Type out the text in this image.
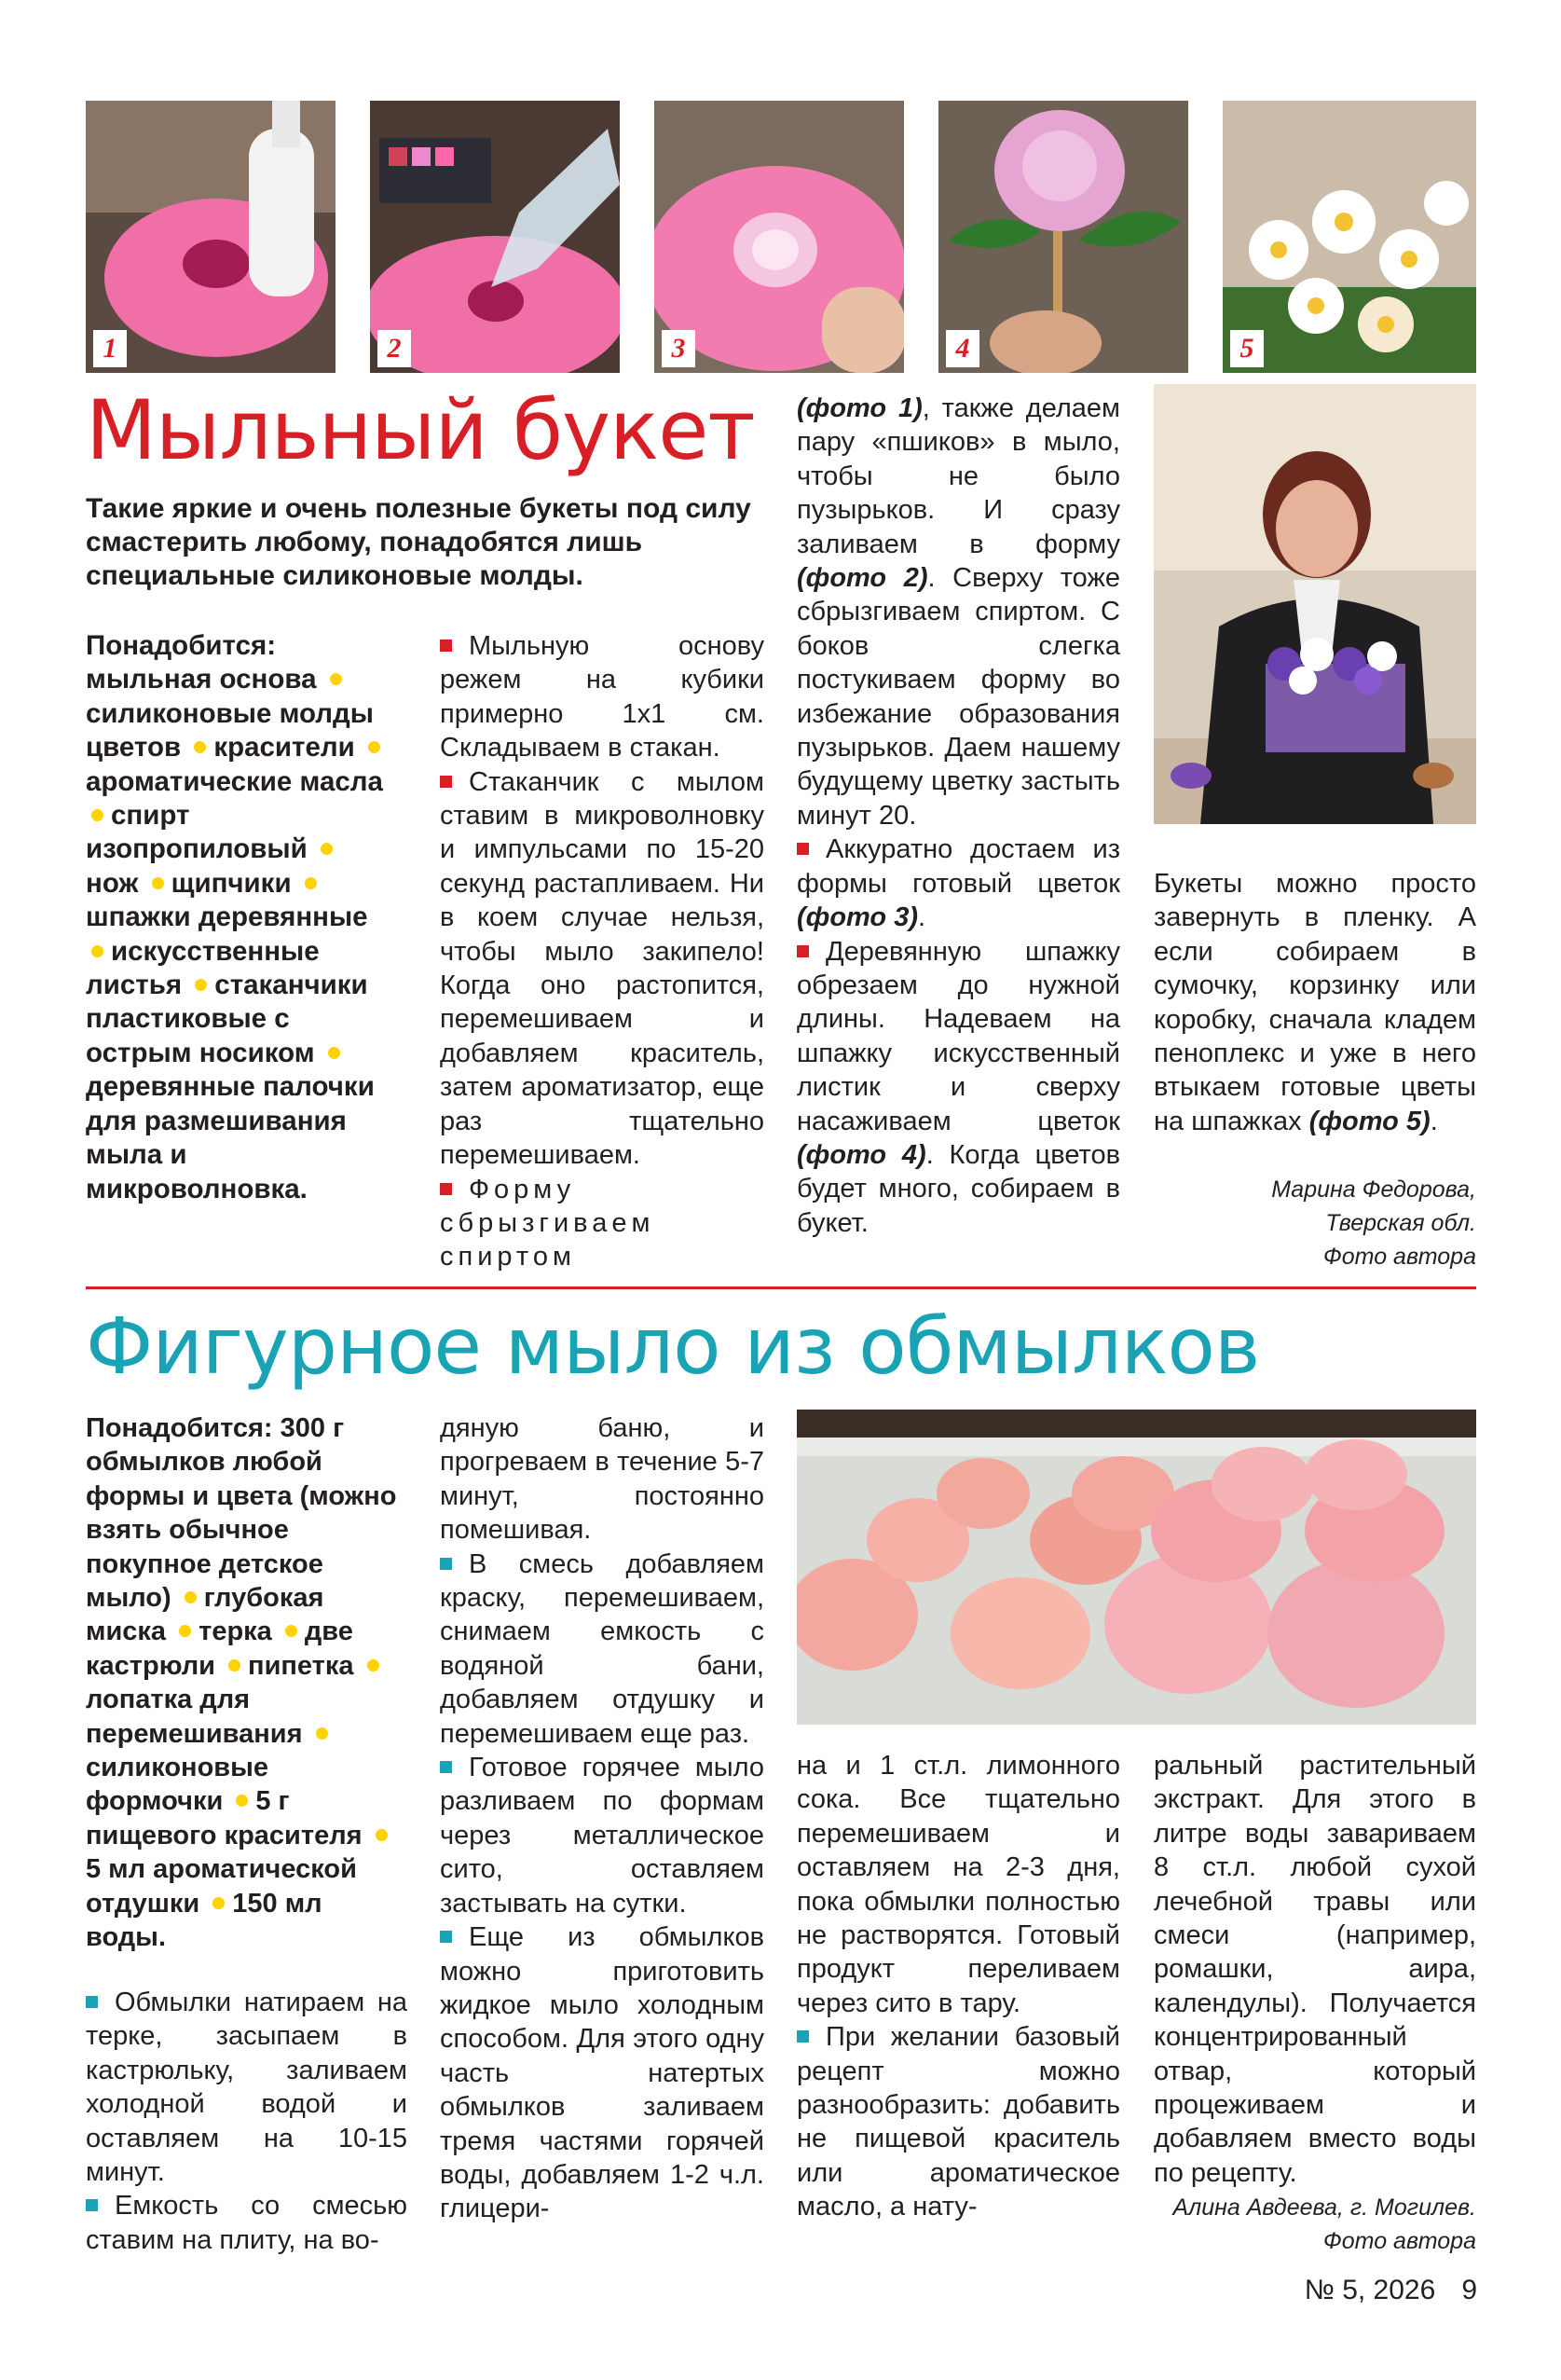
1	2	3	4	5
Мыльный букет
Такие яркие и очень полезные букеты под силу смастерить любому, понадобятся лишь специальные силиконовые молды.
Понадобится:
мыльная основа силиконовые молды цветов красители ароматические масла спирт изопропиловый нож щипчики шпажки деревянные искусственные листья стаканчики пластиковые с острым носиком деревянные палочки для размешивания мыла и микроволновка.

Мыльную основу режем на кубики примерно 1х1 см. Складываем в стакан.

Стаканчик с мылом ставим в микроволновку и импульсами по 15-20 секунд растапливаем. Ни в коем случае нельзя, чтобы мыло закипело! Когда оно растопится, перемешиваем и добавляем краситель, затем ароматизатор, еще раз тщательно перемешиваем.

Форму сбрызгиваем спиртом

(фото 1), также делаем пару «пшиков» в мыло, чтобы не было пузырьков. И сразу заливаем в форму (фото 2). Сверху тоже сбрызгиваем спиртом. С боков слегка постукиваем форму во избежание образования пузырьков. Даем нашему будущему цветку застыть минут 20.

Аккуратно достаем из формы готовый цветок (фото 3).

Деревянную шпажку обрезаем до нужной длины. Надеваем на шпажку искусственный листик и сверху насаживаем цветок (фото 4). Когда цветов будет много, собираем в букет.

Букеты можно просто завернуть в пленку. А если собираем в сумочку, корзинку или коробку, сначала кладем пеноплекс и уже в него втыкаем готовые цветы на шпажках (фото 5).

Марина Федорова,
Тверская обл.
Фото автора
Фигурное мыло из обмылков
Понадобится: 300 г обмылков любой формы и цвета (можно взять обычное покупное детское мыло) глубокая миска терка две кастрюли пипетка лопатка для перемешивания силиконовые формочки 5 г пищевого красителя 5 мл ароматической отдушки 150 мл воды.

Обмылки натираем на терке, засыпаем в кастрюльку, заливаем холодной водой и оставляем на 10-15 минут.

Емкость со смесью ставим на плиту, на во-

дяную баню, и прогреваем в течение 5-7 минут, постоянно помешивая.

В смесь добавляем краску, перемешиваем, снимаем емкость с водяной бани, добавляем отдушку и перемешиваем еще раз.

Готовое горячее мыло разливаем по формам через металлическое сито, оставляем застывать на сутки.

Еще из обмылков можно приготовить жидкое мыло холодным способом. Для этого одну часть натертых обмылков заливаем тремя частями горячей воды, добавляем 1-2 ч.л. глицери-

на и 1 ст.л. лимонного сока. Все тщательно перемешиваем и оставляем на 2-3 дня, пока обмылки полностью не растворятся. Готовый продукт переливаем через сито в тару.

При желании базовый рецепт можно разнообразить: добавить не пищевой краситель или ароматическое масло, а нату-

ральный растительный экстракт. Для этого в литре воды завариваем 8 ст.л. любой сухой лечебной травы или смеси (например, ромашки, аира, календулы). Получается концентрированный отвар, который процеживаем и добавляем вместо воды по рецепту.

Алина Авдеева, г. Могилев.
Фото автора
№ 5, 2026 9
